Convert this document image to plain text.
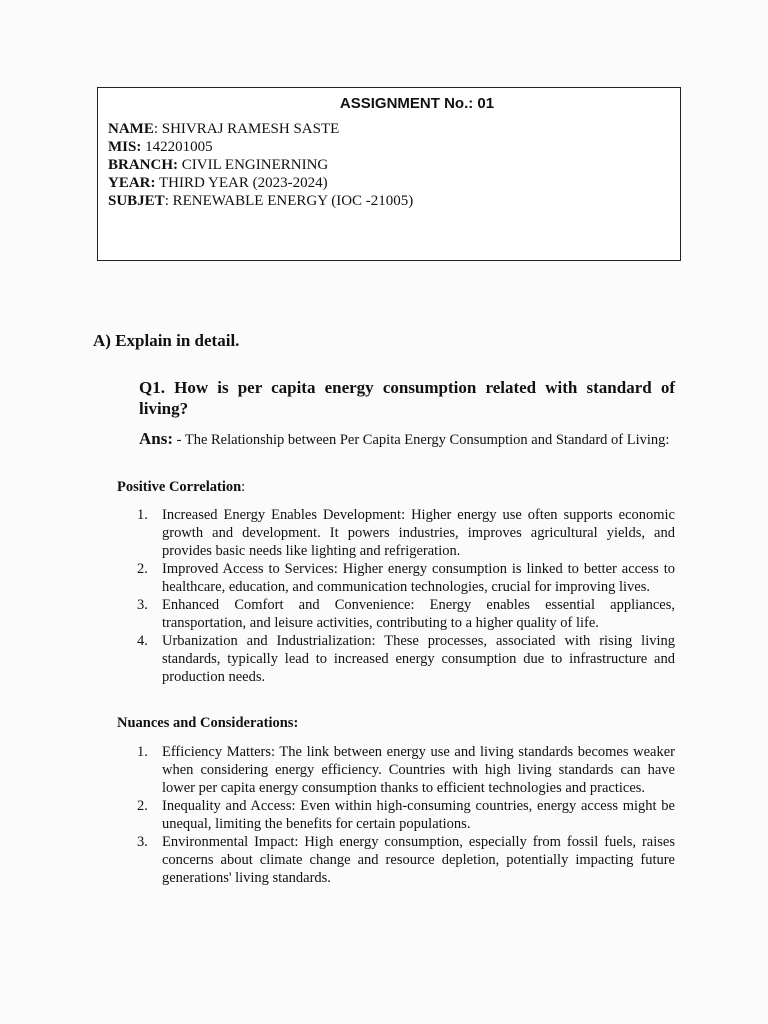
ASSIGNMENT No.: 01
NAME: SHIVRAJ RAMESH SASTE
MIS: 142201005
BRANCH: CIVIL ENGINERNING
YEAR: THIRD YEAR (2023-2024)
SUBJET: RENEWABLE ENERGY (IOC -21005)
A) Explain in detail.
Q1. How is per capita energy consumption related with standard of living?
Ans: - The Relationship between Per Capita Energy Consumption and Standard of Living:
Positive Correlation:
1. Increased Energy Enables Development: Higher energy use often supports economic growth and development. It powers industries, improves agricultural yields, and provides basic needs like lighting and refrigeration.
2. Improved Access to Services: Higher energy consumption is linked to better access to healthcare, education, and communication technologies, crucial for improving lives.
3. Enhanced Comfort and Convenience: Energy enables essential appliances, transportation, and leisure activities, contributing to a higher quality of life.
4. Urbanization and Industrialization: These processes, associated with rising living standards, typically lead to increased energy consumption due to infrastructure and production needs.
Nuances and Considerations:
1. Efficiency Matters: The link between energy use and living standards becomes weaker when considering energy efficiency. Countries with high living standards can have lower per capita energy consumption thanks to efficient technologies and practices.
2. Inequality and Access: Even within high-consuming countries, energy access might be unequal, limiting the benefits for certain populations.
3. Environmental Impact: High energy consumption, especially from fossil fuels, raises concerns about climate change and resource depletion, potentially impacting future generations' living standards.
